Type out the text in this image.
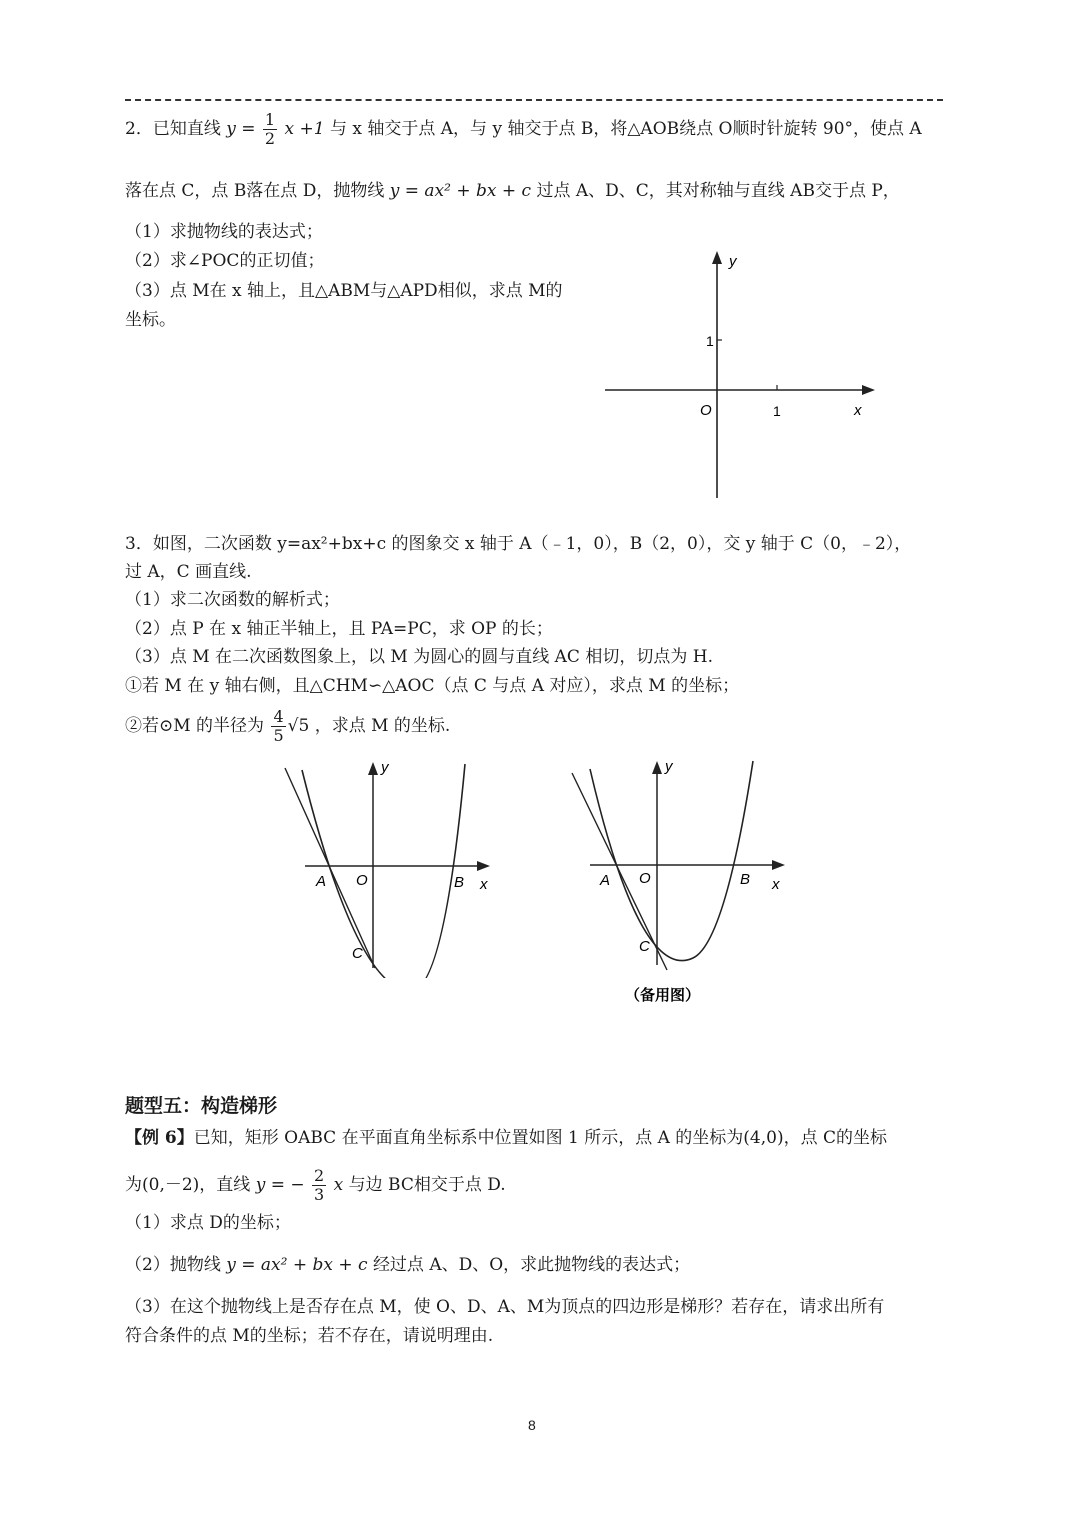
2．已知直线 $y = \frac{1}{2}$ x +1 与 x 轴交于点 A，与 y 轴交于点 B，将△AOB绕点 O顺时针旋转 90°，使点 A
落在点 C，点 B落在点 D，抛物线 y = ax² + bx + c 过点 A、D、C，其对称轴与直线 AB交于点 P，
（1）求抛物线的表达式；
（2）求∠POC的正切值；
（3）点 M在 x 轴上，且△ABM与△APD相似，求点 M的
坐标。
y
x
O	1
1
3．如图，二次函数 y=ax²+bx+c 的图象交 x 轴于 A（﹣1，0），B（2，0），交 y 轴于 C（0，﹣2），
过 A，C 画直线.
（1）求二次函数的解析式；
（2）点 P 在 x 轴正半轴上，且 PA=PC，求 OP 的长；
（3）点 M 在二次函数图象上，以 M 为圆心的圆与直线 AC 相切，切点为 H.
①若 M 在 y 轴右侧，且△CHM∽△AOC（点 C 与点 A 对应），求点 M 的坐标；
②若⊙M 的半径为 $\frac{4}{5} √5$ ，求点 M 的坐标.
y
x
O
A	B
C
y
x
O
A	B
C
（备用图）
题型五：构造梯形
【例 6】已知，矩形 OABC 在平面直角坐标系中位置如图 1 所示，点 A 的坐标为(4,0)，点 C的坐标
为(0,－2)，直线 y = − $\frac{2}{3}$ x 与边 BC相交于点 D.
（1）求点 D的坐标；
（2）抛物线 y = ax² + bx + c 经过点 A、D、O，求此抛物线的表达式；
（3）在这个抛物线上是否存在点 M，使 O、D、A、M为顶点的四边形是梯形？若存在，请求出所有
符合条件的点 M的坐标；若不存在，请说明理由.
8
